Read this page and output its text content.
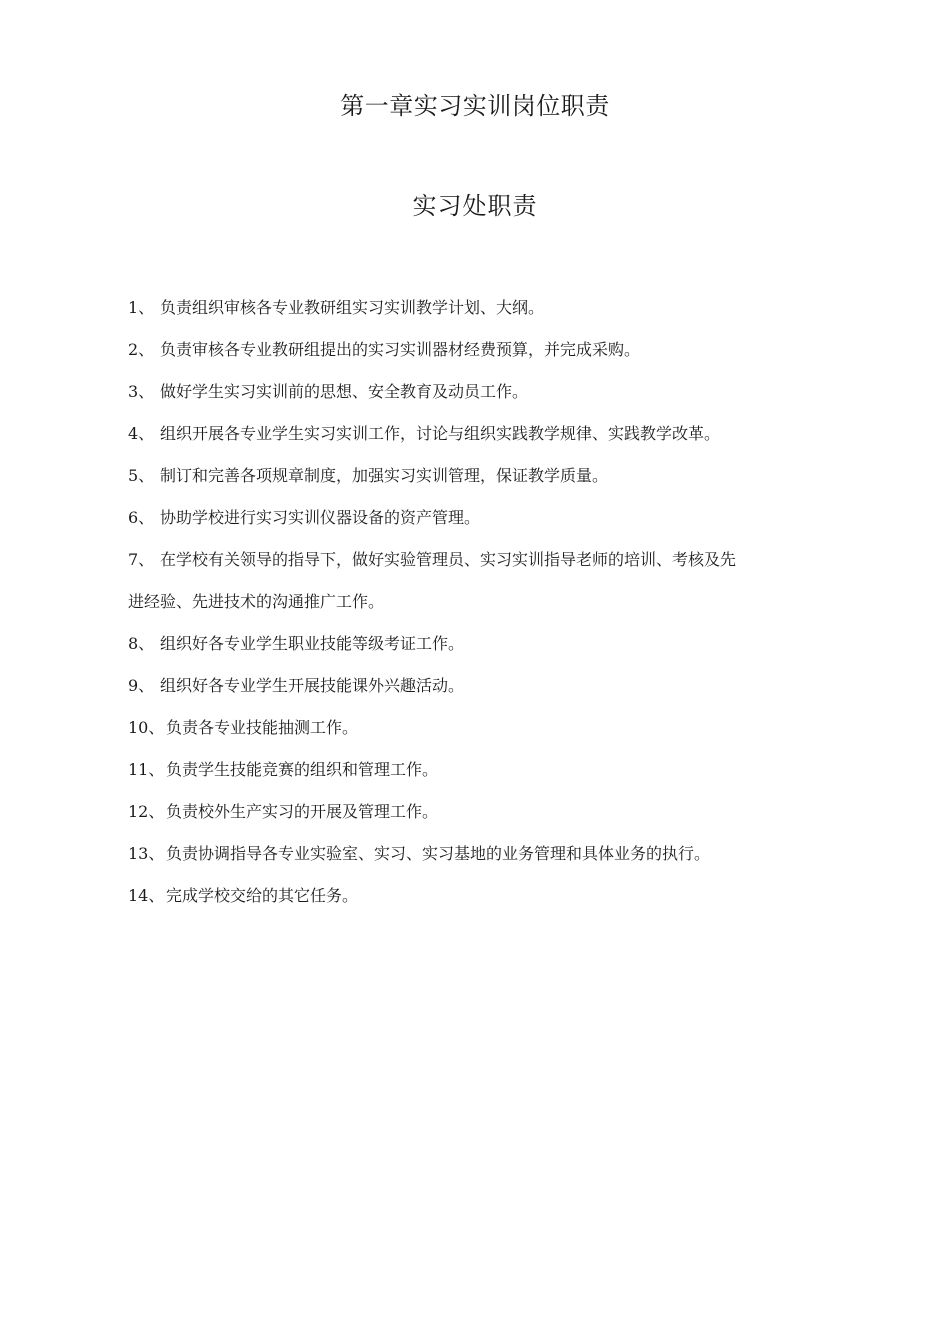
第一章实习实训岗位职责
实习处职责
1、 负责组织审核各专业教研组实习实训教学计划、大纲。
2、 负责审核各专业教研组提出的实习实训器材经费预算，并完成采购。
3、 做好学生实习实训前的思想、安全教育及动员工作。
4、 组织开展各专业学生实习实训工作，讨论与组织实践教学规律、实践教学改革。
5、 制订和完善各项规章制度，加强实习实训管理，保证教学质量。
6、 协助学校进行实习实训仪器设备的资产管理。
7、 在学校有关领导的指导下，做好实验管理员、实习实训指导老师的培训、考核及先
进经验、先进技术的沟通推广工作。
8、 组织好各专业学生职业技能等级考证工作。
9、 组织好各专业学生开展技能课外兴趣活动。
10、 负责各专业技能抽测工作。
11、 负责学生技能竞赛的组织和管理工作。
12、 负责校外生产实习的开展及管理工作。
13、 负责协调指导各专业实验室、实习、实习基地的业务管理和具体业务的执行。
14、 完成学校交给的其它任务。
